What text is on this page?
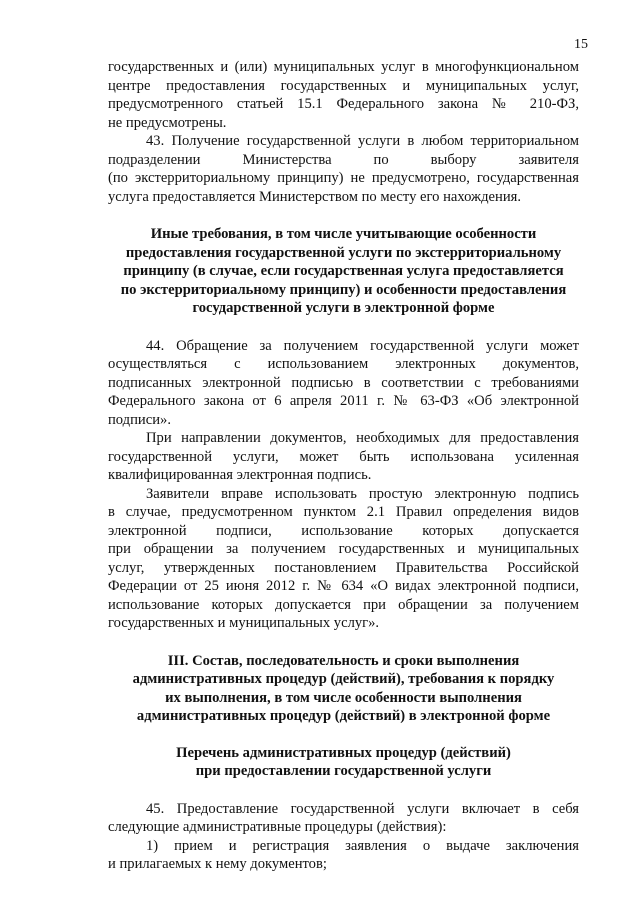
15
государственных и (или) муниципальных услуг в многофункциональном
центре предоставления государственных и муниципальных услуг,
предусмотренного статьей 15.1 Федерального закона № 210-ФЗ,
не предусмотрены.
43. Получение государственной услуги в любом территориальном
подразделении Министерства по выбору заявителя
(по экстерриториальному принципу) не предусмотрено, государственная
услуга предоставляется Министерством по месту его нахождения.
Иные требования, в том числе учитывающие особенности
предоставления государственной услуги по экстерриториальному
принципу (в случае, если государственная услуга предоставляется
по экстерриториальному принципу) и особенности предоставления
государственной услуги в электронной форме
44. Обращение за получением государственной услуги может
осуществляться с использованием электронных документов,
подписанных электронной подписью в соответствии с требованиями
Федерального закона от 6 апреля 2011 г. № 63-ФЗ «Об электронной
подписи».
При направлении документов, необходимых для предоставления
государственной услуги, может быть использована усиленная
квалифицированная электронная подпись.
Заявители вправе использовать простую электронную подпись
в случае, предусмотренном пунктом 2.1 Правил определения видов
электронной подписи, использование которых допускается
при обращении за получением государственных и муниципальных
услуг, утвержденных постановлением Правительства Российской
Федерации от 25 июня 2012 г. № 634 «О видах электронной подписи,
использование которых допускается при обращении за получением
государственных и муниципальных услуг».
III. Состав, последовательность и сроки выполнения
административных процедур (действий), требования к порядку
их выполнения, в том числе особенности выполнения
административных процедур (действий) в электронной форме
Перечень административных процедур (действий)
при предоставлении государственной услуги
45. Предоставление государственной услуги включает в себя
следующие административные процедуры (действия):
1) прием и регистрация заявления о выдаче заключения
и прилагаемых к нему документов;
